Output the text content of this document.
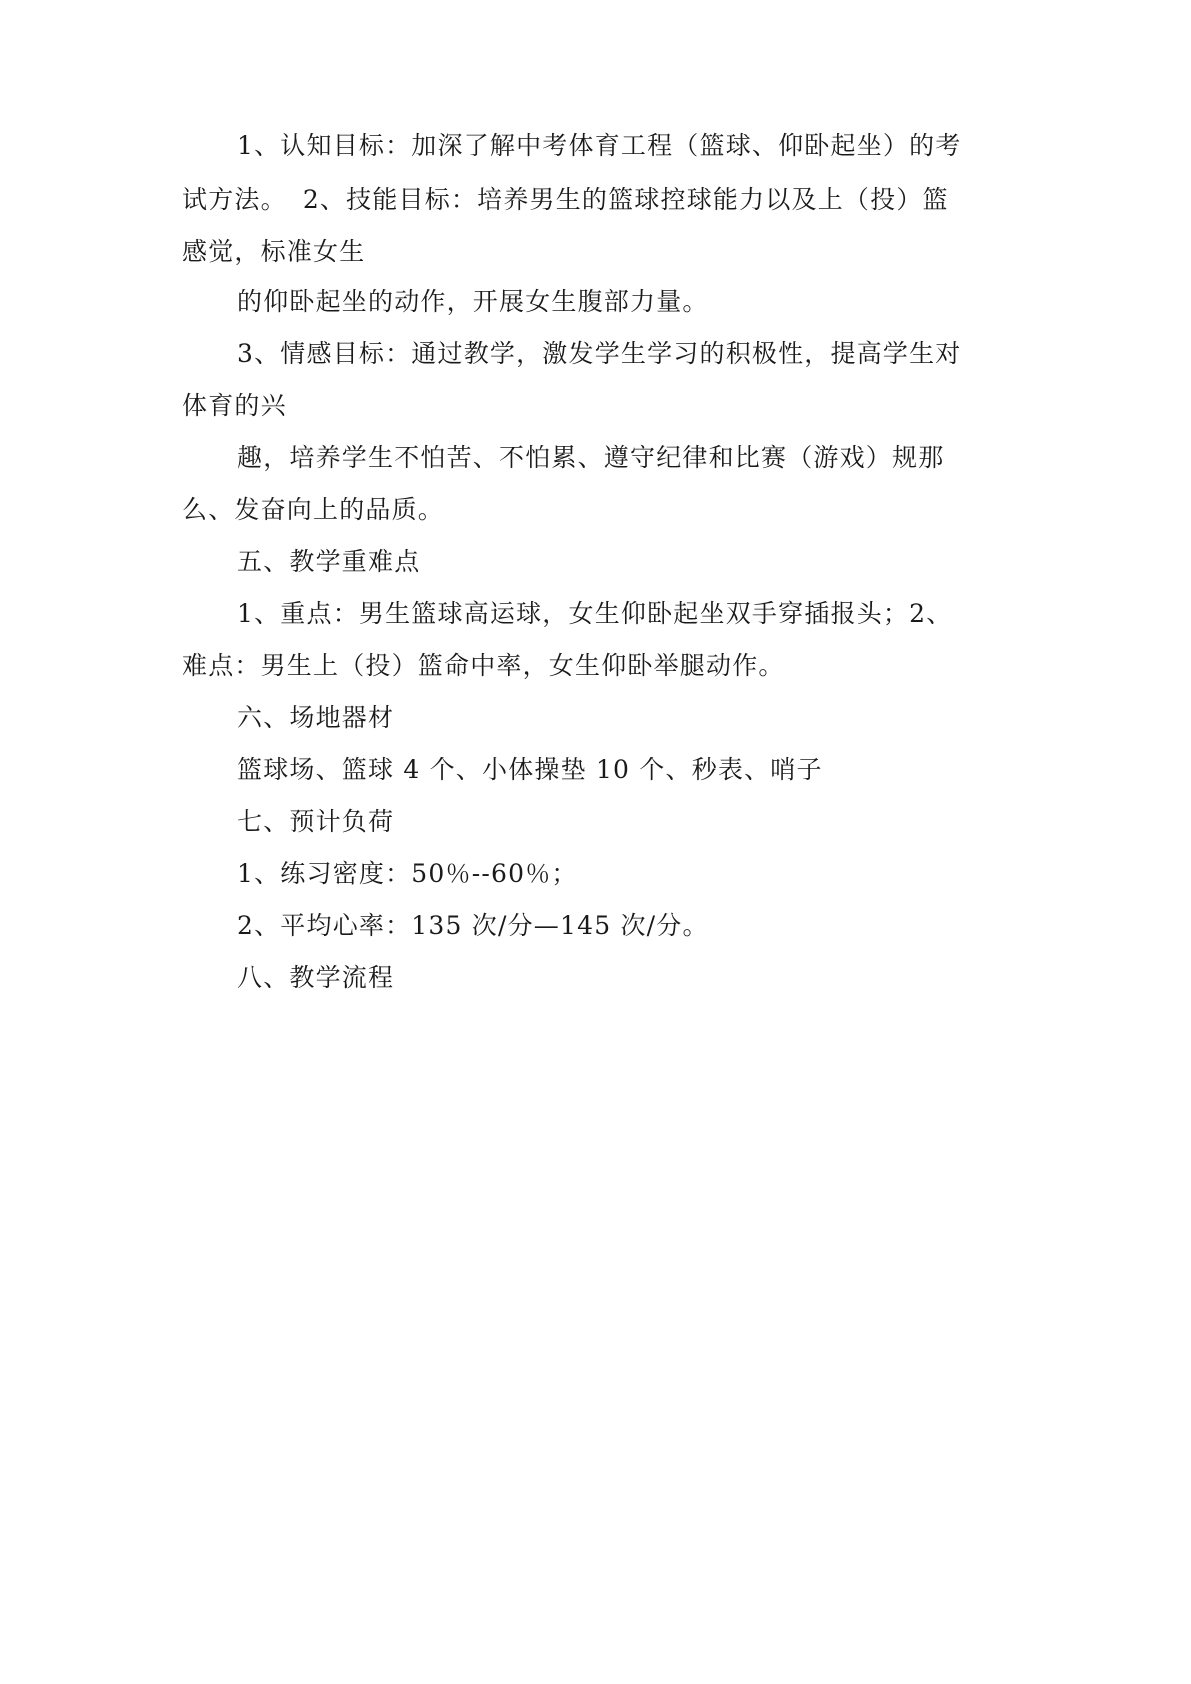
1、认知目标：加深了解中考体育工程（篮球、仰卧起坐）的考
试方法。 2、技能目标：培养男生的篮球控球能力以及上（投）篮
感觉，标准女生
的仰卧起坐的动作，开展女生腹部力量。
3、情感目标：通过教学，激发学生学习的积极性，提高学生对
体育的兴
趣，培养学生不怕苦、不怕累、遵守纪律和比赛（游戏）规那
么、发奋向上的品质。
五、教学重难点
1、重点：男生篮球高运球，女生仰卧起坐双手穿插报头；2、
难点：男生上（投）篮命中率，女生仰卧举腿动作。
六、场地器材
篮球场、篮球 4 个、小体操垫 10 个、秒表、哨子
七、预计负荷
1、练习密度：50％--60％；
2、平均心率：135 次/分—145 次/分。
八、教学流程
